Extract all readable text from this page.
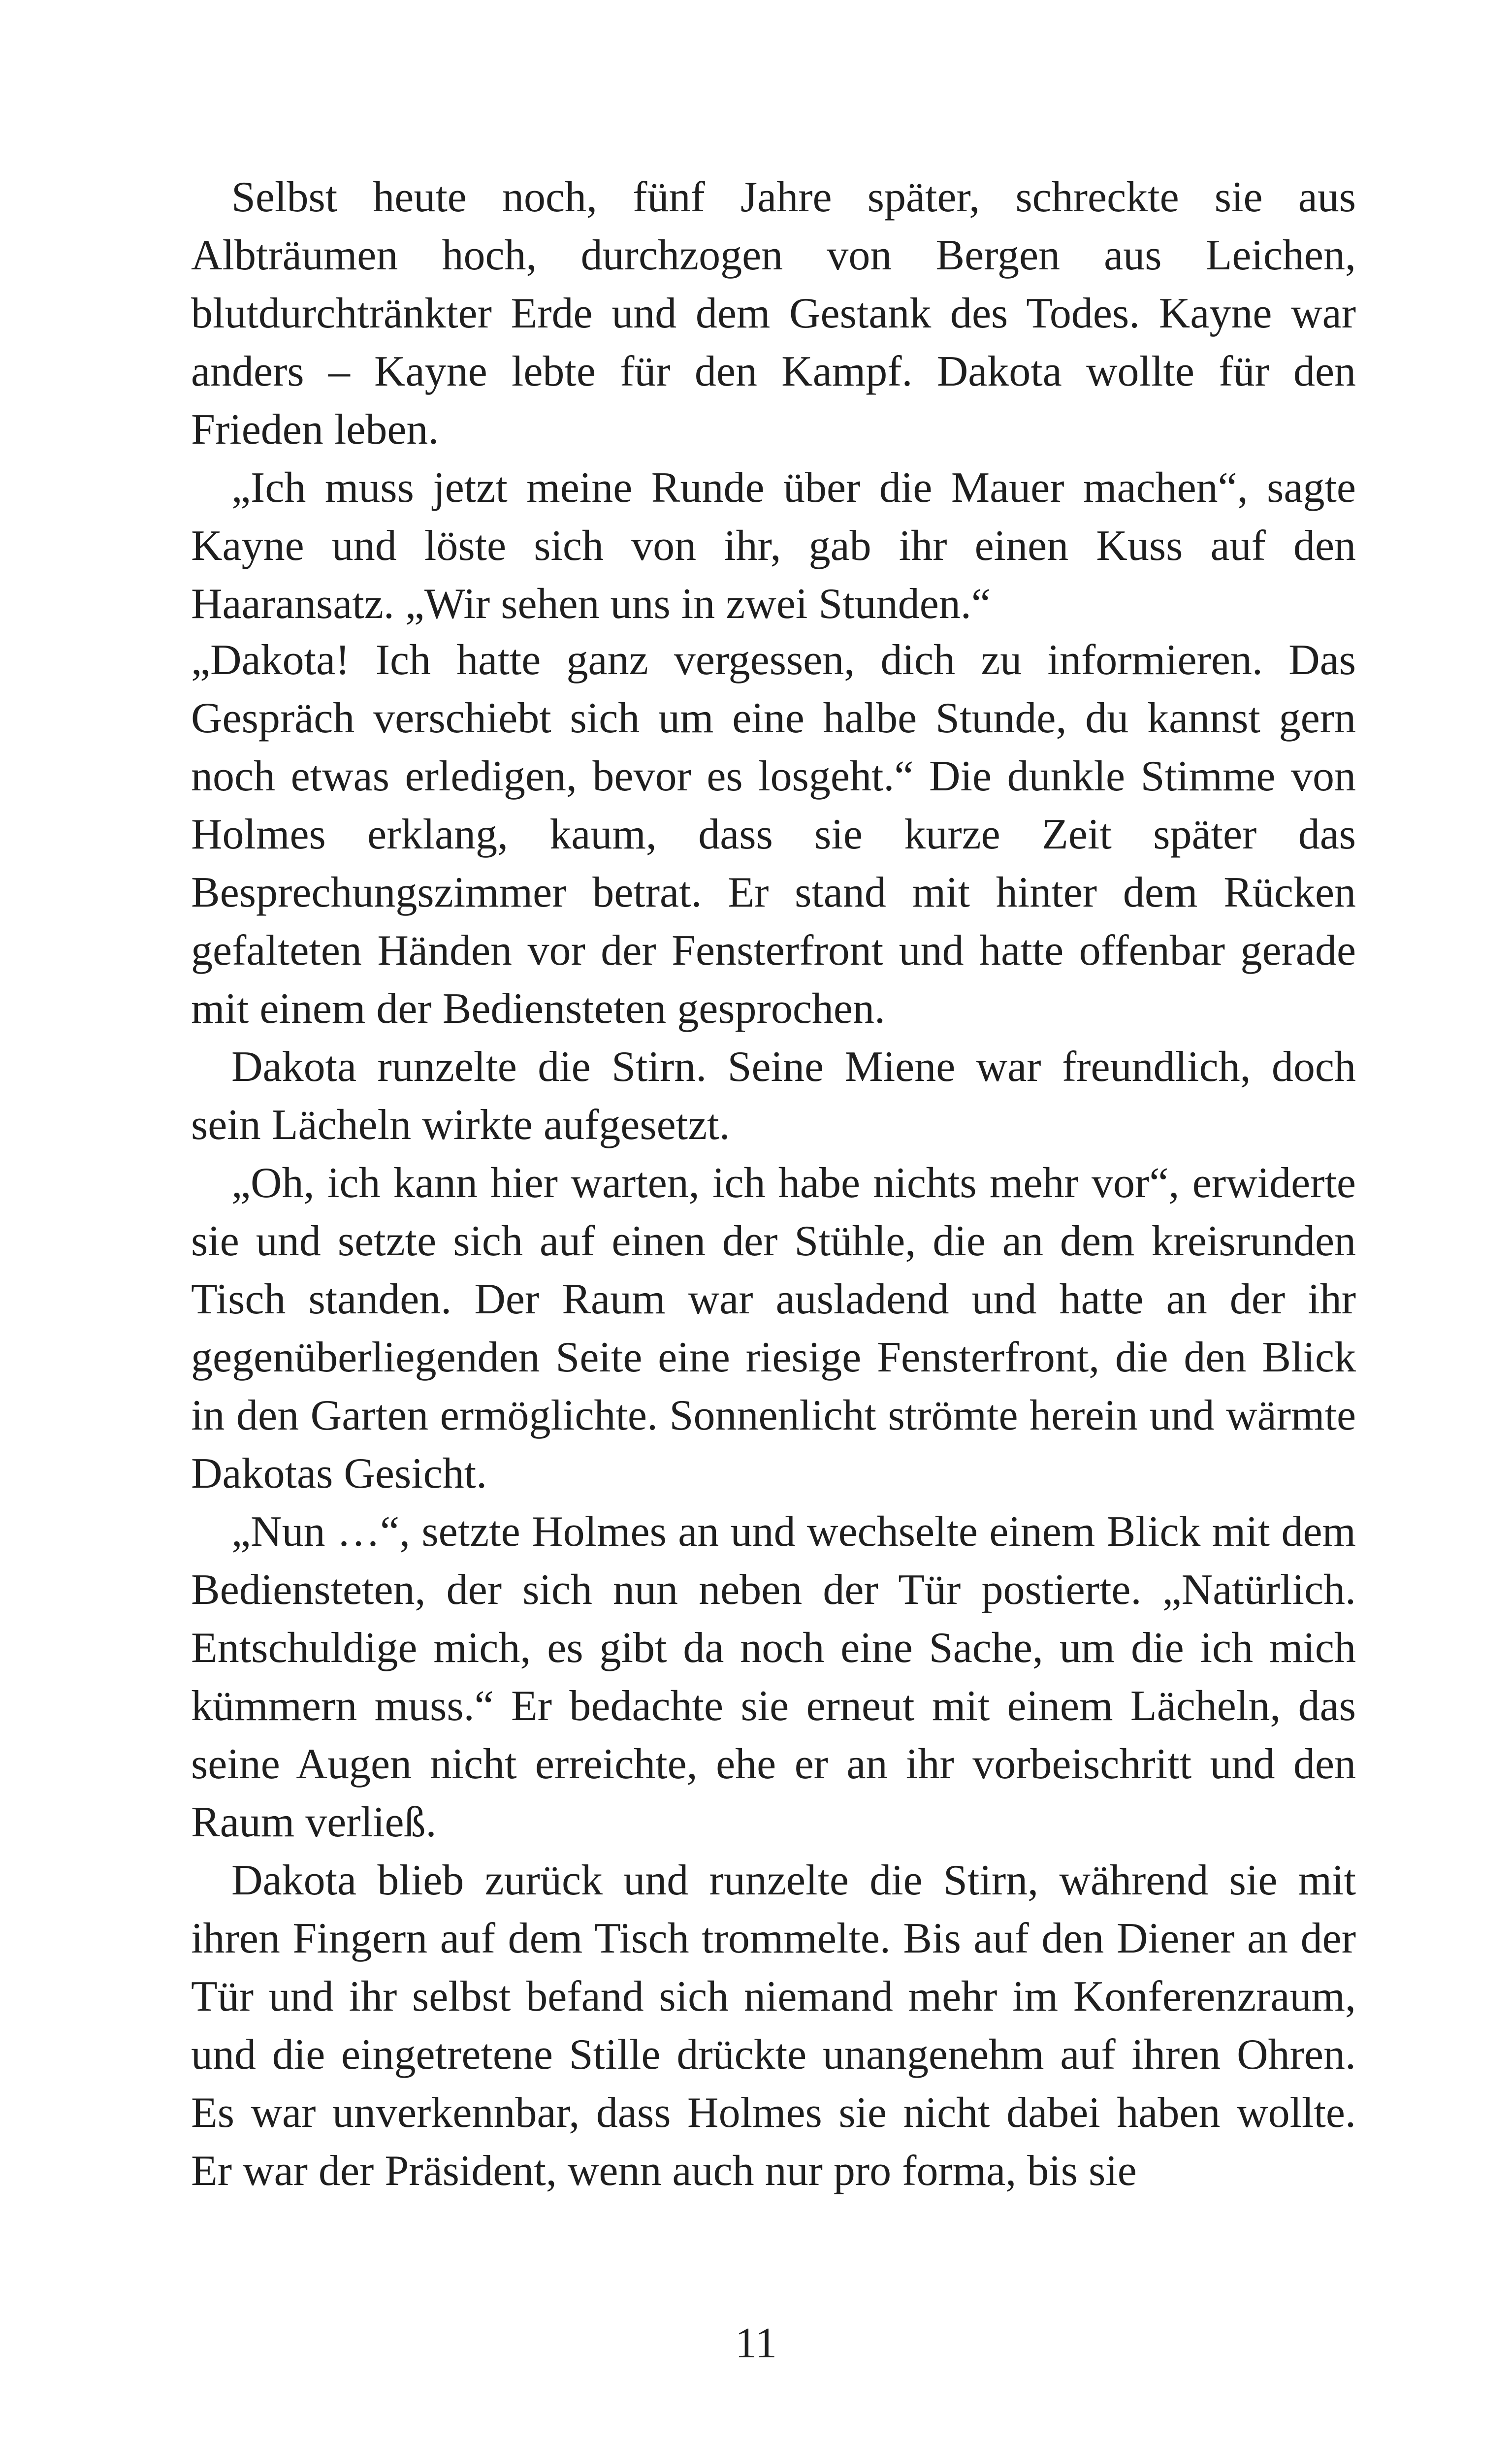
Selbst heute noch, fünf Jahre später, schreckte sie aus Albträumen hoch, durchzogen von Bergen aus Leichen, blutdurchtränkter Erde und dem Gestank des Todes. Kayne war anders – Kayne lebte für den Kampf. Dakota wollte für den Frieden leben.

„Ich muss jetzt meine Runde über die Mauer machen“, sagte Kayne und löste sich von ihr, gab ihr einen Kuss auf den Haaransatz. „Wir sehen uns in zwei Stunden.“

„Dakota! Ich hatte ganz vergessen, dich zu informieren. Das Gespräch verschiebt sich um eine halbe Stunde, du kannst gern noch etwas erledigen, bevor es losgeht.“ Die dunkle Stimme von Holmes erklang, kaum, dass sie kurze Zeit später das Besprechungszimmer betrat. Er stand mit hinter dem Rücken gefalteten Händen vor der Fensterfront und hatte offenbar gerade mit einem der Bediensteten gesprochen.

Dakota runzelte die Stirn. Seine Miene war freundlich, doch sein Lächeln wirkte aufgesetzt.

„Oh, ich kann hier warten, ich habe nichts mehr vor“, erwiderte sie und setzte sich auf einen der Stühle, die an dem kreisrunden Tisch standen. Der Raum war ausladend und hatte an der ihr gegenüberliegenden Seite eine riesige Fensterfront, die den Blick in den Garten ermöglichte. Sonnenlicht strömte herein und wärmte Dakotas Gesicht.

„Nun …“, setzte Holmes an und wechselte einem Blick mit dem Bediensteten, der sich nun neben der Tür postierte. „Natürlich. Entschuldige mich, es gibt da noch eine Sache, um die ich mich kümmern muss.“ Er bedachte sie erneut mit einem Lächeln, das seine Augen nicht erreichte, ehe er an ihr vorbeischritt und den Raum verließ.

Dakota blieb zurück und runzelte die Stirn, während sie mit ihren Fingern auf dem Tisch trommelte. Bis auf den Diener an der Tür und ihr selbst befand sich niemand mehr im Konferenzraum, und die eingetretene Stille drückte unangenehm auf ihren Ohren. Es war unverkennbar, dass Holmes sie nicht dabei haben wollte. Er war der Präsident, wenn auch nur pro forma, bis sie

11
